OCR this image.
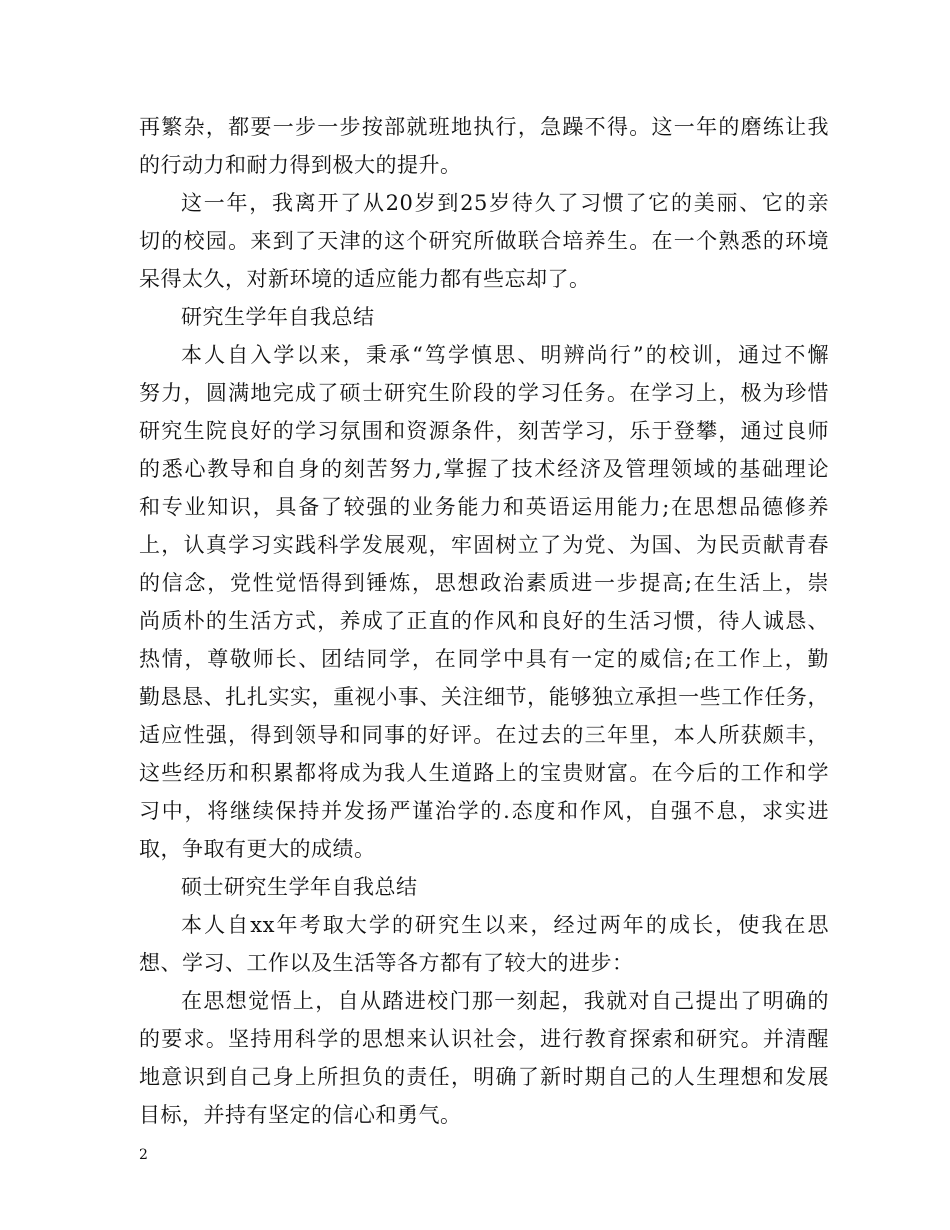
再繁杂，都要一步一步按部就班地执行，急躁不得。这一年的磨练让我
的行动力和耐力得到极大的提升。
这一年，我离开了从20岁到25岁待久了习惯了它的美丽、它的亲
切的校园。来到了天津的这个研究所做联合培养生。在一个熟悉的环境
呆得太久，对新环境的适应能力都有些忘却了。
研究生学年自我总结
本人自入学以来，秉承“笃学慎思、明辨尚行”的校训，通过不懈
努力，圆满地完成了硕士研究生阶段的学习任务。在学习上，极为珍惜
研究生院良好的学习氛围和资源条件，刻苦学习，乐于登攀，通过良师
的悉心教导和自身的刻苦努力,掌握了技术经济及管理领域的基础理论
和专业知识，具备了较强的业务能力和英语运用能力;在思想品德修养
上，认真学习实践科学发展观，牢固树立了为党、为国、为民贡献青春
的信念，党性觉悟得到锤炼，思想政治素质进一步提高;在生活上，崇
尚质朴的生活方式，养成了正直的作风和良好的生活习惯，待人诚恳、
热情，尊敬师长、团结同学，在同学中具有一定的威信;在工作上，勤
勤恳恳、扎扎实实，重视小事、关注细节，能够独立承担一些工作任务，
适应性强，得到领导和同事的好评。在过去的三年里，本人所获颇丰，
这些经历和积累都将成为我人生道路上的宝贵财富。在今后的工作和学
习中，将继续保持并发扬严谨治学的.态度和作风，自强不息，求实进
取，争取有更大的成绩。
硕士研究生学年自我总结
本人自xx年考取大学的研究生以来，经过两年的成长，使我在思
想、学习、工作以及生活等各方都有了较大的进步：
在思想觉悟上，自从踏进校门那一刻起，我就对自己提出了明确的
的要求。坚持用科学的思想来认识社会，进行教育探索和研究。并清醒
地意识到自己身上所担负的责任，明确了新时期自己的人生理想和发展
目标，并持有坚定的信心和勇气。
2
